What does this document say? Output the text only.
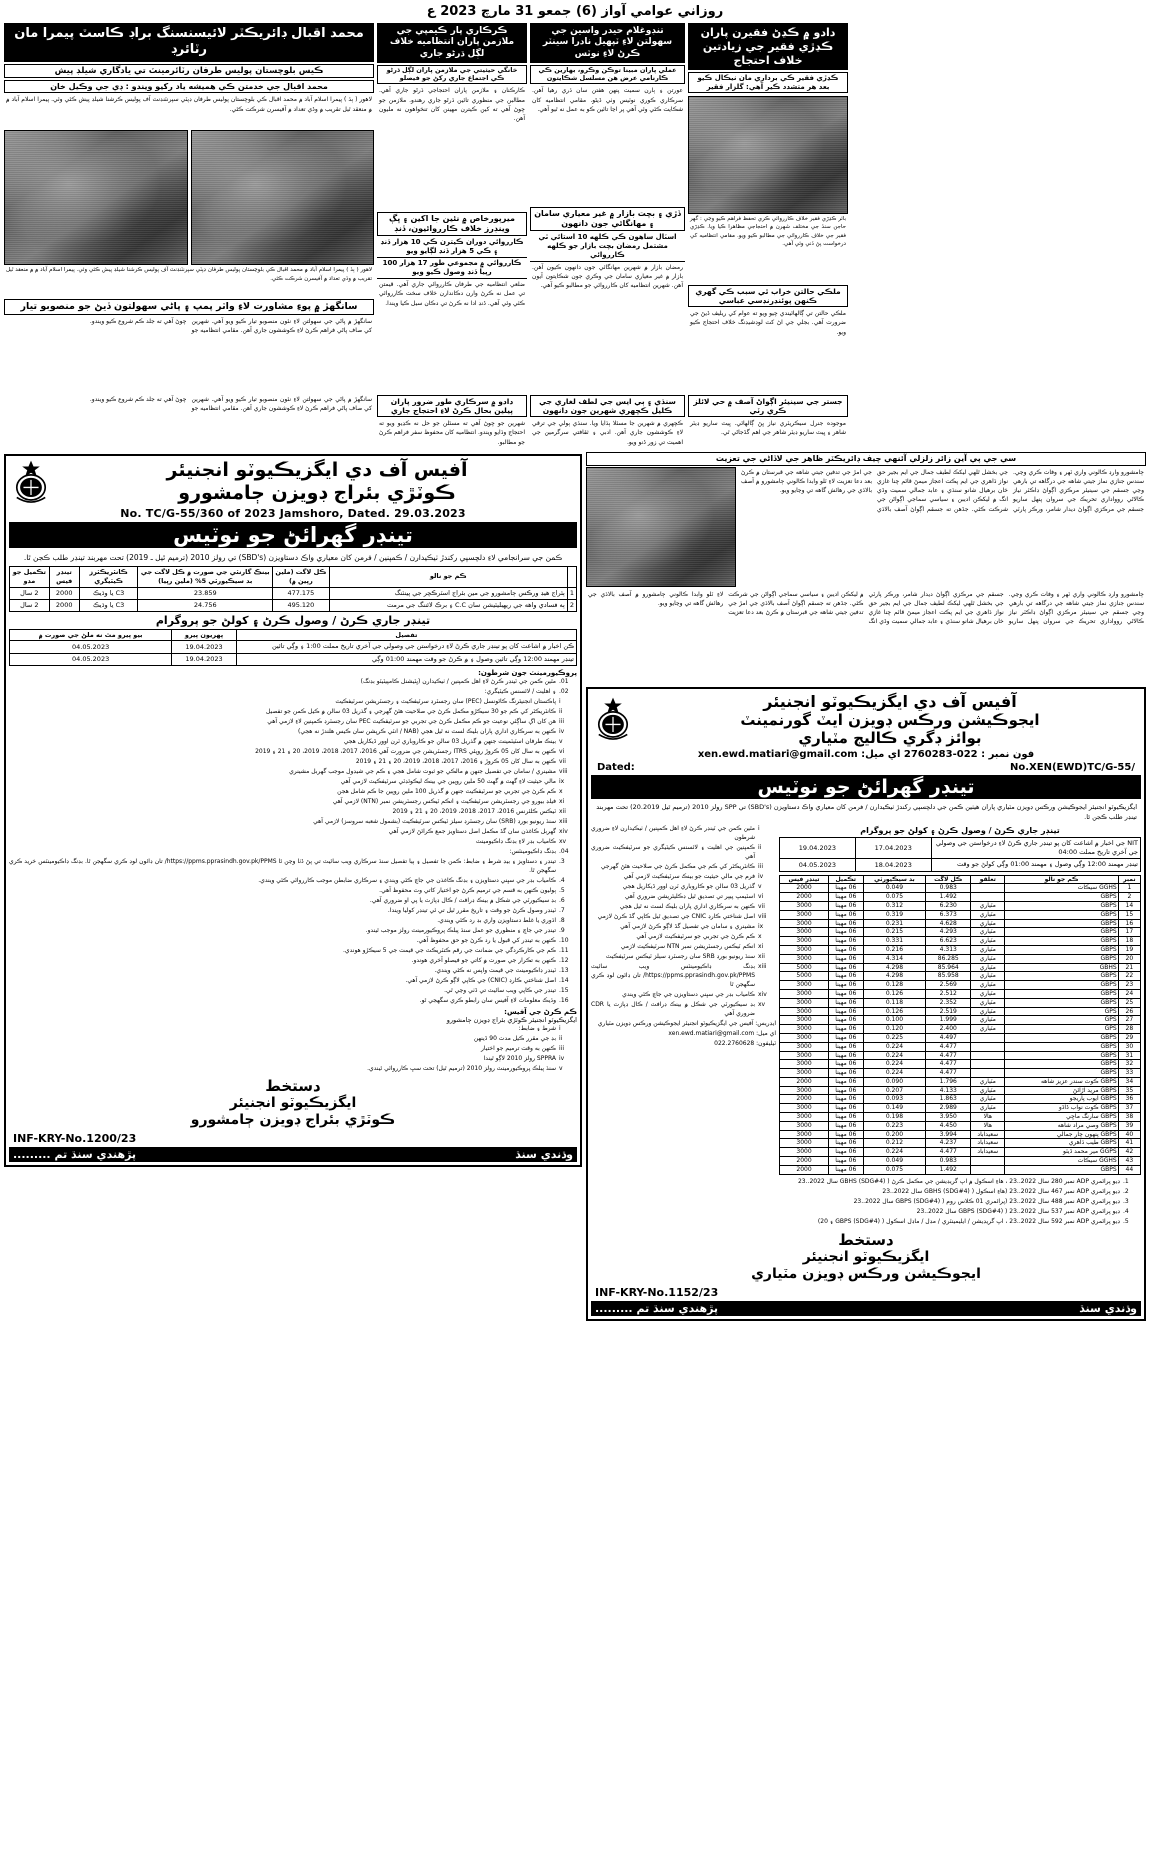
روزاني عوامي آواز (6) جمعو 31 مارچ 2023 ع
محمد اقبال ڊائريڪٽر لائيسنسنگ براڊ ڪاسٽ پيمرا مان رٽائرڊ
ڪيس بلوچستان پوليس طرفان رٽائرمينٽ تي يادگاري شيلڊ پيش
محمد اقبال جي خدمتن ڪي هميشه ياد رکيو ويندو : ڊي جي وڪيل خان
لاهور ( ٻڌ ) پيمرا اسلام آباد ۾ محمد اقبال ڪي بلوچستان پوليس طرفان ڊپٽي سپرنٽنڊنٽ آف پوليس ڪرشنا شيلڊ پيش ڪئي وئي. پيمرا اسلام آباد ۾ ۾ منعقد ٿيل تقريب ۾ وڏي تعداد ۾ آفيسرن شرڪت ڪئي.
لاهور ( ٻڌ ) پيمرا اسلام آباد ۾ محمد اقبال ڪي بلوچستان پوليس طرفان ڊپٽي سپرنٽنڊنٽ آف پوليس ڪرشنا شيلڊ پيش ڪئي وئي. پيمرا اسلام آباد ۾ ۾ منعقد ٿيل تقريب ۾ وڏي تعداد ۾ آفيسرن شرڪت ڪئي.
سانگهڙ ۾ پوءِ مشاورت لاءِ واٽر پمپ ۽ پاڻي سهولتون ڏيڻ جو منصوبو تيار
سانگهڙ ۾ پاڻي جي سهولتن لاءِ نئون منصوبو تيار ڪيو ويو آهي. شهرين کي صاف پاڻي فراهم ڪرڻ لاءِ ڪوششون جاري آهن. مقامي انتظاميه جو چوڻ آهي ته جلد ڪم شروع ڪيو ويندو.
ڪرڪاري پار ڪيمپي جي ملازمن پاران انتظاميه خلاف لڳل ڌرڻو جاري
خانگي حيثيتي جي ملازمن پاران لڳل ڌرڻو ڪي اجتماع جاري رکڻ جو فيصلو
ڪارڪنان ۽ ملازمن پاران احتجاجي ڌرڻو جاري آهي. مطالبن جي منظوري تائين ڌرڻو جاري رهندو. ملازمن جو چوڻ آهي ته کين ڪيترن مهينن کان تنخواهون نه مليون آهن.
ميرپورخاص ۾ نئين جا اکين ۽ ڀڳ وينڊرز خلاف ڪارروائيون، ڏنڊ
ڪارروائي دوران ڪيترن ڪي 10 هزار ڏنڊ ۽ ڪي 5 هزار ڏنڊ لڳايو ويو
ڪارروائي ۾ مجموعي طور 17 هزار 100 رپيا ڏنڊ وصول ڪيو ويو
ضلعي انتظاميه جي طرفان ڪارروائي جاري آهي. قيمتن تي عمل نه ڪرڻ وارن دڪاندارن خلاف سخت ڪارروائي ڪئي وئي آهي. ڏنڊ ادا نه ڪرڻ تي دڪان سيل ڪيا ويندا.
تنڊوغلام حيدر واسين جي سهولتن لاءِ ٽپهيل نادرا سينٽر ڪرڻ لاءِ نوٽس
عملي پاران مبينا توڪن وڪرو، بهارين ڪي ڪارنامي عرض هن مسلسل شڪايتون
عورتن ۽ ٻارن سميت پنهن هفتن سان ڌري رهيا آهن. سرڪاري ڪوري نوٽيس وٺي ڏيڻو. مقامي انتظاميه کان شڪايت ڪئي وئي آهي پر اڃا تائين ڪو به عمل نه ٿيو آهي.
ڏڙي ۽ بچت بازار ۾ غير معياري سامان ۽ مهانگائي جون دانهون
اسٽال ساهون ڪي ڪلهه 10 استائي ٿي مشتمل رمضان بچت بازار جو ڪلهه ڪارروائي
رمضان بازار ۾ شهرين مهانگائي جون دانهون ڪيون آهن. بازار ۾ غير معياري سامان جي وڪري جون شڪايتون آيون آهن. شهرين انتظاميه کان ڪارروائي جو مطالبو ڪيو آهي.
دادو ۾ ڪڍڻ فقيرن پاران ڪڍڙي فقير جي زيادتين خلاف احتجاج
ڪڍڙي فقير ڪي برداري مان نيڪال ڪيو بعد هر متشدد ڪير آهي: گلزار فقير
بائر ڪڍڙي فقير خلاف ڪارروائي ڪري تحفظ فراهم ڪيو وڃي : گهر حاجن سنڌ جي مختلف شهرن ۾ احتجاجي مظاهرا ڪيا ويا. ڪڍڙي فقير جي خلاف ڪارروائي جي مطالبو ڪيو ويو. مقامي انتظاميه کي درخواست پڻ ڏني وئي آهي.
ملڪي حالتن خراب ٿي سبب ڪي گهري ڪنهن پوئنڊرنڊسي عباسي
ملڪي حالتن تي ڳالهائيندي چيو ويو ته عوام کي ريليف ڏيڻ جي ضرورت آهي. بجلي جي اڻ کٽ لوڊشيڊنگ خلاف احتجاج ڪيو ويو.
سانگهڙ ۾ پاڻي جي سهولتن لاءِ نئون منصوبو تيار ڪيو ويو آهي. شهرين کي صاف پاڻي فراهم ڪرڻ لاءِ ڪوششون جاري آهن. مقامي انتظاميه جو چوڻ آهي ته جلد ڪم شروع ڪيو ويندو.	دادو ۾ سرڪاري طور ضرور پاران پيلين بحال ڪرڻ لاءِ احتجاج جاري
شهرين جو چوڻ آهي ته مسئلن جو حل نه ڪڍيو ويو ته احتجاج وڌايو ويندو. انتظاميه کان محفوظ سفر فراهم ڪرڻ جو مطالبو.
سنڌي ۽ ٻي ايس جي لطف لغاري جي ڪليل ڪچهري شهرين جون دانهون
ڪچهري ۾ شهرين جا مسئلا ٻڌايا ويا. سنڌي ٻولي جي ترقي لاءِ ڪوششون جاري آهن. ادبي ۽ ثقافتي سرگرمين جي اهميت تي زور ڏنو ويو.
جستر جي سينيئر اڳواڻ آصف ۾ حي لائلز ڪري رٽي
موجوده جنرل سيڪريٽري نياز ڀڻ ڳالهائي. ڀيٽ ساريو ڊيٽر شاهر ۽ ڀيٽ ساريو ڊيٽر شاهر جي اهم گڏجاڻي ٿي.
آفيس آف دي ايگزيڪيوٽو انجنيئر
ڪوٽڙي بئراج ڊويزن ڄامشورو
No. TC/G-55/360 of 2023 Jamshoro, Dated. 29.03.2023
تينڊر گهرائڻ جو نوٽيس
ڪمن جي سرانجامي لاءِ دلچسپي رکندڙ ٺيڪيدارن / ڪمپنين / فرمن کان معياري واڪ دستاويزن (SBD's) تي رولز 2010 (ترميم ٿيل ـ 2019) تحت مهربند تينڊر طلب ڪجن ٿا.
	ڪم جو نالو	ڪل لاگت (ملين رپين ۾)	بينڪ گارنٽي جي صورت ۾ ڪل لاگت جي بد سيڪيورٽي 5% (ملين رپيا)	ڪانٽريڪٽرز ڪيٽيگري	تينڊر فيس	تڪميل جو مدو
1	ٻئراج هيڊ ورڪس ڄامشورو جي مين بئراج اسٽرڪچر جي پينٽنگ	477.175	23.859	C3 يا وڌيڪ	2000	2 سال
2	ٻه فسادي واهه جي ريهبليٽيشن سان C.C ۽ برڪ لائننگ جي مرمت	495.120	24.756	C3 يا وڌيڪ	2000	2 سال
تينڊر جاري ڪرڻ / وصول ڪرڻ ۽ کولڻ جو پروگرام
تفصيل	پهريون پيرو	بيو پيرو مٿ نه ملڻ جي صورت ۾
ڪن اخبار ۾ اشاعت کان پو تينڊر جاري ڪرڻ لاءِ درخواستن جي وصولي جي آخري تاريخ مملت 1:00 ۽ وڳي تائين	19.04.2023	04.05.2023
تينڊر مهمند 12:00 وڳي تائين وصول ۽ ۾ ڪرڻ جو وقت مهمند 01:00 وڳي	19.04.2023	04.05.2023
پروڪيورمينٽ جون شرطون:
01.
مٿين ڪمن جي ٽينڊر ڪرڻ لاءِ اهل ڪمپنين / ٺيڪيدارن (ڀٽيشنل ڪامپيٽيٽو بڊنگ)
02.
۽ اهليت / لائسنس ڪيٽيگري:
i
پاڪستان انجنيئرنگ ڪائونسل (PEC) سان رجسٽرڊ سرٽيفڪيٽ ۽ رجسٽريشن سرٽيفڪيٽ
ii
ڪانٽريڪٽر کي ڪم جو 30 سيڪڙو مڪمل ڪرڻ جي صلاحيت هئڻ گهرجي ۽ گذريل 03 سالن ۾ ڪيل ڪمن جو تفصيل
iii
هن کان اڳ ساڳئي نوعيت جو ڪم مڪمل ڪرڻ جي تجربي جو سرٽيفڪيٽ PEC سان رجسٽرڊ ڪمپنين لاءِ لازمي آهي
iv
ڪنهن به سرڪاري اداري پاران بليڪ لسٽ نه ٿيل هجي (NAB / انٽي ڪرپشن سان ڪيس هلندڙ نه هجي)
v
بينڪ طرفان اسٽيٽمينٽ جنهن ۾ گذريل 03 سالن جو ڪاروباري ٽرن اوور ڏيکاريل هجي
vi
ڪنهن به سال کان 05 ڪروڙ روپئي ITRS رجسٽريشن جي ضرورت آهي 2016، 2017، 2018، 2019، 20 ۽ 21 ۽ 2019
vii
ڪنهن به سال کان 05 ڪروڙ ۽ 2016، 2017، 2018، 2019، 20 ۽ 21 ۽ 2019
viii
مشينري / سامان جي تفصيل جنهن ۾ مالڪي جو ثبوت شامل هجي ۽ ڪم جي شيڊول موجب گهربل مشينري
ix
مالي حيثيت لاءِ گهٽ ۾ گهٽ 50 ملين روپين جي بينڪ ليڪوئڊٽي سرٽيفڪيٽ لازمي آهي
x
ڪم ڪرڻ جي تجربي جو سرٽيفڪيٽ جنهن ۾ گذريل 100 ملين روپين جا ڪم شامل هجن
xi
فيلڊ بيورو جي رجسٽريشن سرٽيفڪيٽ ۽ انڪم ٽيڪس رجسٽريشن نمبر (NTN) لازمي آهي
xii
ٽيڪس ڪلئرنس 2016، 2017، 2018، 2019، 20 ۽ 21 ۽ 2019
xiii
سنڌ ريونيو بورڊ (SRB) سان رجسٽرڊ سيلز ٽيڪس سرٽيفڪيٽ (بشمول شعبه سروسز) لازمي آهي
xiv
گهربل ڪاغذن سان گڏ مڪمل اصل دستاويز جمع ڪرائڻ لازمي آهي
xv
ڪامياب بڊر لاءِ بڊنگ ڊاڪيومينٽ
04.
بڊنگ ڊاڪيومينٽس:
3.
تينڊر ۽ دستاويز ۽ بيڊ شرط ۽ ضابط: ڪمن جا تفصيل ۽ ٻيا تفصيل سنڌ سرڪاري ويب سائيٽ تي پڻ ڏٺا وڃن ٿا https://ppms.pprasindh.gov.pk/PPMS/ تان ڊائون لوڊ ڪري سگهجن ٿا. بڊنگ ڊاڪيومينٽس خريد ڪري سگهجن ٿا.
4.
ڪامياب بڊر جي سڀني دستاويزن ۽ بڊنگ ڪاغذن جي جاچ ڪئي ويندي ۽ سرڪاري ضابطن موجب ڪارروائي ڪئي ويندي.
5.
ٻوليون ڪنهن به قسم جي ترميم ڪرڻ جو اختيار کاتي وٽ محفوظ آهي.
6.
بڊ سيڪيورٽي جي شڪل ۾ بينڪ ڊرافٽ / ڪال ڊپازٽ يا پي او ضروري آهي.
7.
ٽينڊر وصول ڪرڻ جو وقت ۽ تاريخ مقرر ٿيل تي ئي تينڊر کوليا ويندا.
8.
اڌوري يا غلط دستاويزن واري بڊ رد ڪئي ويندي.
9.
تينڊر جي جاچ ۽ منظوري جو عمل سنڌ پبلڪ پروڪيورمينٽ رولز موجب ٿيندو.
10.
ڪنهن به تينڊر کي قبول يا رد ڪرڻ جو حق محفوظ آهي.
11.
ڪم جي ڪارڪردگي جي ضمانت جي رقم ڪنٽريڪٽ جي قيمت جي 5 سيڪڙو هوندي.
12.
ڪنهن به تڪرار جي صورت ۾ کاتي جو فيصلو آخري هوندو.
13.
ٽينڊر ڊاڪيومينٽ جي قيمت واپس نه ڪئي ويندي.
14.
اصل شناختي ڪارڊ (CNIC) جي ڪاپي لاڳو ڪرڻ لازمي آهي.
15.
تينڊر جي ڪاپي ويب سائيٽ تي ڏٺي وڃي ٿي.
16.
وڌيڪ معلومات لاءِ آفيس سان رابطو ڪري سگهجي ٿو.
ڪم ڪرڻ جي آفيس:
ايگزيڪيوٽو انجنيئر ڪوٽڙي بئراج ڊويزن ڄامشورو
i
شرط ۽ ضابط:
ii
بڊ جي مقرر ڪيل مدت 90 ڏينهن
iii
ڪنهن به وقت ترميم جو اختيار
iv
SPPRA رولز 2010 لاڳو ٿيندا
v
سنڌ پبلڪ پروڪيورمينٽ رولز 2010 (ترميم ٿيل) تحت سڀ ڪارروائي ٿيندي.
دستخط
ايگزيڪيوٽو انجنيئر
ڪوٽڙي بئراج ڊويزن ڄامشورو
INF-KRY-No.1200/23
وڌندي سنڌ
پڙهندي سنڌ تم .........
سي جي پي آين زائر زلزلي آئنهي چيف ڊائريڪٽر ظاهر جي لاڏاڻي جي تعزيت
ڄامشورو وارڊ ڪالوني واري ٽهر ۽ وفات ڪري وڃي. سندس جنازي نماز جيتي شاهه جي درگاهه تي بارهي وڃي جسقم جي سينيئر مرڪزي اڳواڻ ڊاڪٽر نياز ڪالاڻي روواداري تحريڪ جي سروان پنهل ساريو جسقم جي مرڪزي اڳواڻ ديدار شامر، ورڪر پارٽي جي بخشل ٿلهي ليکڪ لطيف جمال جي ايم بجير حق نواز ڌاهري جي ايم پڪت اعجاز ميمڻ قائم چنا غازي خان برهيال شانو سنڌي ۽ عابد جمالي سميت وڏي انگ ۾ ليکڪن اديبن ۽ سياسي سماجي اڳواڻن جي شرڪت ڪئي. جڏهن ته جسقم اڳواڻ آصف بالاڌي جي امڙ جي تدفين جيتي شاهه جي قبرستان ۾ ڪرڻ بعد دعا تعزيت لاءِ ٽلو وابدا ڪالوني ڄامشورو ۾ آصف بالاڌي جي رهائش گاهه تي وڃايو ويو.
ڄامشورو وارڊ ڪالوني واري ٽهر ۽ وفات ڪري وڃي. سندس جنازي نماز جيتي شاهه جي درگاهه تي بارهي وڃي جسقم جي سينيئر مرڪزي اڳواڻ ڊاڪٽر نياز ڪالاڻي روواداري تحريڪ جي سروان پنهل ساريو جسقم جي مرڪزي اڳواڻ ديدار شامر، ورڪر پارٽي جي بخشل ٿلهي ليکڪ لطيف جمال جي ايم بجير حق نواز ڌاهري جي ايم پڪت اعجاز ميمڻ قائم چنا غازي خان برهيال شانو سنڌي ۽ عابد جمالي سميت وڏي انگ ۾ ليکڪن اديبن ۽ سياسي سماجي اڳواڻن جي شرڪت ڪئي. جڏهن ته جسقم اڳواڻ آصف بالاڌي جي امڙ جي تدفين جيتي شاهه جي قبرستان ۾ ڪرڻ بعد دعا تعزيت لاءِ ٽلو وابدا ڪالوني ڄامشورو ۾ آصف بالاڌي جي رهائش گاهه تي وڃايو ويو.
آفيس آف دي ايگزيڪيوٽو انجنيئر
ايجوڪيشن ورڪس ڊويزن ايٽ گورنمينٽ
بوائز ڊگري ڪاليج مٽياري
فون نمبر : 022-2760283 اي ميل: xen.ewd.matiari@gmail.com
Dated:	No.XEN(EWD)TC/G-55/
تينڊر گهرائڻ جو نوٽيس
ايگزيڪيوٽو انجنيئر ايجوڪيشن ورڪس ڊويزن مٽياري پاران هيٺين ڪمن جي دلچسپي رکندڙ ٺيڪيدارن / فرمن کان معياري واڪ دستاويزن (SBD's) تي SPP رولز 2010 (ترميم ٿيل 20.2019) تحت مهربند تينڊر طلب ڪجن ٿا.
i
مٿين ڪمن جي ٽينڊر ڪرڻ لاءِ اهل ڪمپنين / ٺيڪيدارن لاءِ ضروري شرطون
ii
ڪمپنين جي اهليت ۽ لائسنس ڪيٽيگري جو سرٽيفڪيٽ ضروري آهي
iii
ڪانٽريڪٽر کي ڪم جي مڪمل ڪرڻ جي صلاحيت هئڻ گهرجي
iv
فرم جي مالي حيثيت جو بينڪ سرٽيفڪيٽ لازمي آهي
v
گذريل 03 سالن جو ڪاروباري ٽرن اوور ڏيکاريل هجي
vi
اسٽيمپ پيپر تي تصديق ٿيل ڊڪليئريشن ضروري آهي
vii
ڪنهن به سرڪاري اداري پاران بليڪ لسٽ نه ٿيل هجي
viii
اصل شناختي ڪارڊ CNIC جي تصديق ٿيل ڪاپي گڏ ڪرڻ لازمي
ix
مشينري ۽ سامان جي تفصيل گڏ لاڳو ڪرڻ لازمي آهي
x
ڪم ڪرڻ جي تجربي جو سرٽيفڪيٽ لازمي آهي
xi
انڪم ٽيڪس رجسٽريشن نمبر NTN سرٽيفڪيٽ لازمي
xii
سنڌ ريونيو بورڊ SRB سان رجسٽرڊ سيلز ٽيڪس سرٽيفڪيٽ
xiii
بڊنگ ڊاڪيومينٽس ويب سائيٽ https://ppms.pprasindh.gov.pk/PPMS/ تان ڊائون لوڊ ڪري سگهجن ٿا
xiv
ڪامياب بڊر جي سڀني دستاويزن جي جاچ ڪئي ويندي
xv
بڊ سيڪيورٽي جي شڪل ۾ بينڪ ڊرافٽ / ڪال ڊپازٽ يا CDR ضروري آهي
ايڊريس: آفيس جي ايگزيڪيوٽو انجنيئر ايجوڪيشن ورڪس ڊويزن مٽياري
اي ميل: xen.ewd.matiari@gmail.com
ٽيليفون: 022.2760628
تينڊر جاري ڪرڻ / وصول ڪرڻ ۽ کولڻ جو پروگرام
NIT جي اخبار ۾ اشاعت کان پو تينڊر جاري ڪرڻ لاءِ درخواستن جي وصولي جي آخري تاريخ مملت 04:00	17.04.2023	19.04.2023
تينڊر مهمند 12:00 وڳي وصول ۽ مهمند 01:00 وڳي کولڻ جو وقت	18.04.2023	04.05.2023
نمبر	ڪم جو نالو	تعلقو	ڪل لاگت	بد سيڪيورٽي	تڪميل	تينڊر فيس
1	GGHS سيڪات		0.983	0.049	06 مهينا	2000
2	GBPS		1.492	0.075	06 مهينا	2000
14	GBPS	مٽياري	6.230	0.312	06 مهينا	3000
15	GBPS	مٽياري	6.373	0.319	06 مهينا	3000
16	GBPS	مٽياري	4.628	0.231	06 مهينا	3000
17	GBPS	مٽياري	4.293	0.215	06 مهينا	3000
18	GBPS	مٽياري	6.623	0.331	06 مهينا	3000
19	GBPS	مٽياري	4.313	0.216	06 مهينا	3000
20	GBPS	مٽياري	86.285	4.314	06 مهينا	3000
21	GBHS	مٽياري	85.964	4.298	06 مهينا	5000
22	GBPS	مٽياري	85.958	4.298	06 مهينا	5000
23	GBPS	مٽياري	2.569	0.128	06 مهينا	3000
24	GBPS	مٽياري	2.512	0.126	06 مهينا	3000
25	GBPS	مٽياري	2.352	0.118	06 مهينا	3000
26	GPS	مٽياري	2.519	0.126	06 مهينا	3000
27	GPS	مٽياري	1.999	0.100	06 مهينا	3000
28	GPS	مٽياري	2.400	0.120	06 مهينا	3000
29	GBPS		4.497	0.225	06 مهينا	3000
30	GBPS		4.477	0.224	06 مهينا	3000
31	GBPS		4.477	0.224	06 مهينا	3000
32	GBPS		4.477	0.224	06 مهينا	3000
33	GBPS		4.477	0.224	06 مهينا	3000
34	GBPS ڪوٽ سندر عزيز شاهه	مٽياري	1.796	0.090	06 مهينا	2000
35	GBPS مريد اڙائڻ	مٽياري	4.133	0.207	06 مهينا	3000
36	GBPS ايوب پاريجو	مٽياري	1.863	0.093	06 مهينا	2000
37	GBPS ڪوٽ نواب ڏاڏو	مٽياري	2.989	0.149	06 مهينا	3000
38	GBPS سارنگ ماڇي	هالا	3.950	0.198	06 مهينا	3000
39	GBPS وصي مراد شاهه	هالا	4.450	0.223	06 مهينا	3000
40	GBPS پنهون چار جمالي	سعيدآباد	3.994	0.200	06 مهينا	3000
41	GBPS طيب ڌاهري	سعيدآباد	4.237	0.212	06 مهينا	3000
42	GGPS مير محمد ڏيٽو	سعيدآباد	4.477	0.224	06 مهينا	3000
43	GGHS سيڪات		0.983	0.049	06 مهينا	2000
44	GBPS		1.492	0.075	06 مهينا	2000
1.
ڊيو پرائمري ADP نمبر 280 سال 2022..23 ، هاءِ اسڪول ۾ اپ گريڊيشن جي مڪمل ڪرڻ ( GBHS (SDG#4) سال 2022..23
2.
ڊيو پرائمري ADP نمبر 467 سال 2022..23 (هاءِ اسڪول ( GBHS (SDG#4) سال 2022..23
3.
ڊيو پرائمري ADP نمبر 488 سال 2022..23 (پرائمري 01 ڪلاس روم ( GBPS (SDG#4) سال 2022..23
4.
ڊيو پرائمري ADP نمبر 537 سال 2022..23 ( GBPS (SDG#4) سال 2022..23
5.
ڊيو پرائمري ADP نمبر 592 سال 2022..23 ، اپ گريڊيشن / ايليمينٽري / مڊل / ماڊل اسڪول ( GBPS (SDG#4) ۽ 20)
دستخط
ايگزيڪيوٽو انجنيئر
ايجوڪيشن ورڪس ڊويزن مٽياري
INF-KRY-No.1152/23
وڌندي سنڌ
پڙهندي سنڌ تم .........
